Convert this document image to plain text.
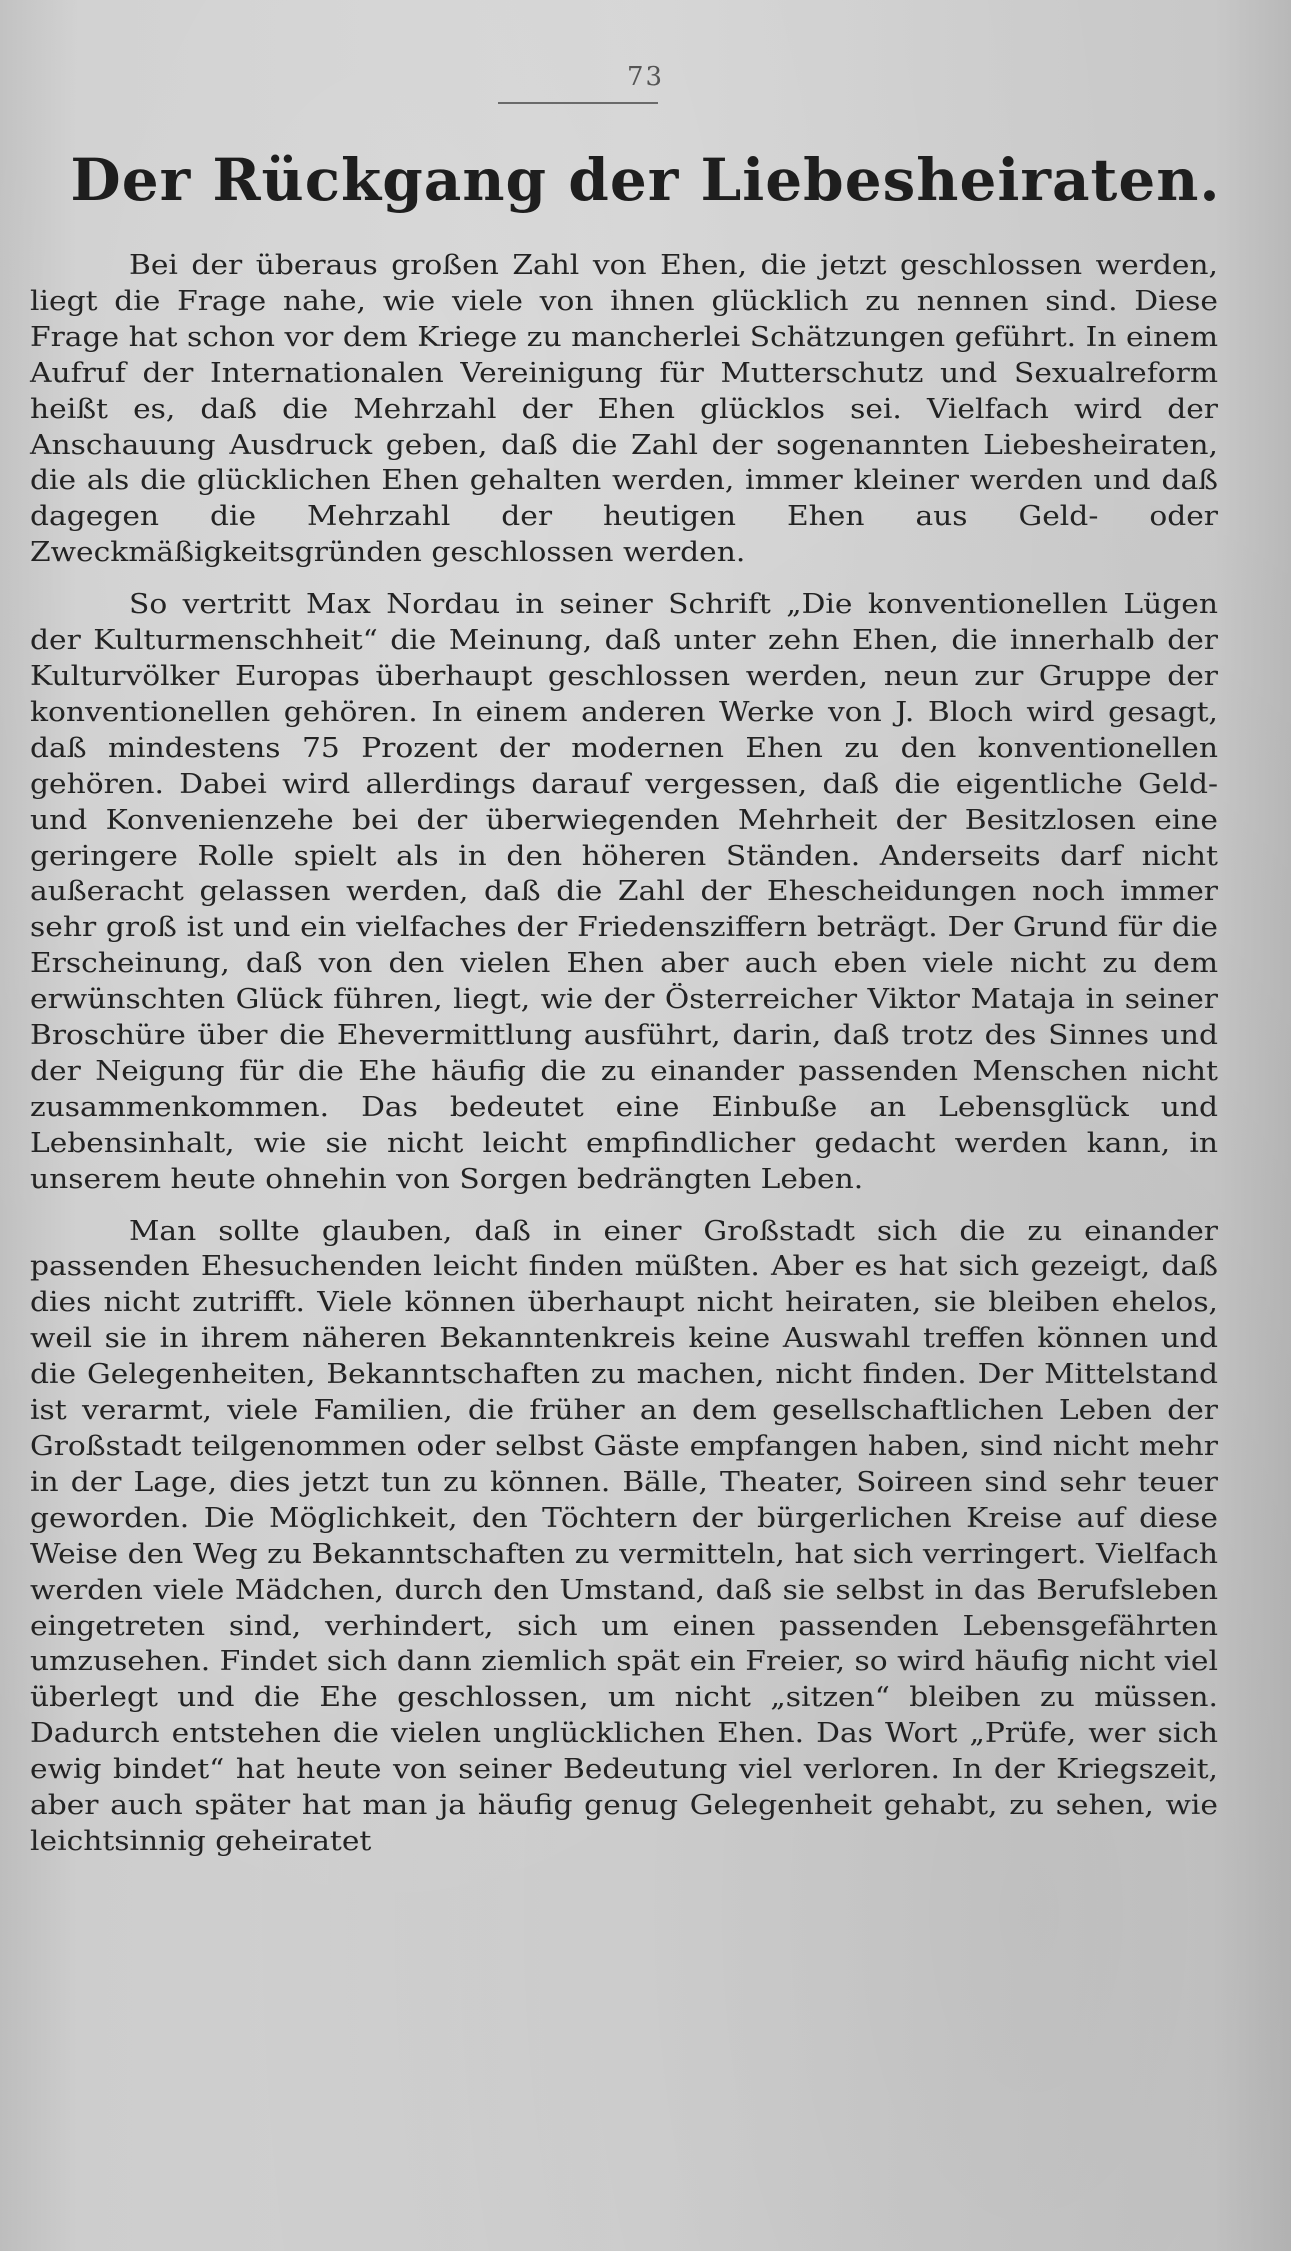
73
Der Rückgang der Liebesheiraten.

Bei der überaus großen Zahl von Ehen, die jetzt geschlossen werden, liegt die Frage nahe, wie viele von ihnen glücklich zu nennen sind. Diese Frage hat schon vor dem Kriege zu mancherlei Schätzungen geführt. In einem Aufruf der Internationalen Vereinigung für Mutterschutz und Sexualreform heißt es, daß die Mehrzahl der Ehen glücklos sei. Vielfach wird der Anschauung Ausdruck geben, daß die Zahl der sogenannten Liebesheiraten, die als die glücklichen Ehen gehalten werden, immer kleiner werden und daß dagegen die Mehrzahl der heutigen Ehen aus Geld- oder Zweckmäßigkeitsgründen geschlossen werden.

So vertritt Max Nordau in seiner Schrift „Die konventionellen Lügen der Kulturmenschheit“ die Meinung, daß unter zehn Ehen, die innerhalb der Kulturvölker Europas überhaupt geschlossen werden, neun zur Gruppe der konventionellen gehören. In einem anderen Werke von J. Bloch wird gesagt, daß mindestens 75 Prozent der modernen Ehen zu den konventionellen gehören. Dabei wird allerdings darauf vergessen, daß die eigentliche Geld- und Konvenienzehe bei der überwiegenden Mehrheit der Besitzlosen eine geringere Rolle spielt als in den höheren Ständen. Anderseits darf nicht außeracht gelassen werden, daß die Zahl der Ehescheidungen noch immer sehr groß ist und ein vielfaches der Friedensziffern beträgt. Der Grund für die Erscheinung, daß von den vielen Ehen aber auch eben viele nicht zu dem erwünschten Glück führen, liegt, wie der Österreicher Viktor Mataja in seiner Broschüre über die Ehevermittlung ausführt, darin, daß trotz des Sinnes und der Neigung für die Ehe häufig die zu einander passenden Menschen nicht zusammenkommen. Das bedeutet eine Einbuße an Lebensglück und Lebensinhalt, wie sie nicht leicht empfindlicher gedacht werden kann, in unserem heute ohnehin von Sorgen bedrängten Leben.

Man sollte glauben, daß in einer Großstadt sich die zu einander passenden Ehesuchenden leicht finden müßten. Aber es hat sich gezeigt, daß dies nicht zutrifft. Viele können überhaupt nicht heiraten, sie bleiben ehelos, weil sie in ihrem näheren Bekanntenkreis keine Auswahl treffen können und die Gelegenheiten, Bekanntschaften zu machen, nicht finden. Der Mittelstand ist verarmt, viele Familien, die früher an dem gesellschaftlichen Leben der Großstadt teilgenommen oder selbst Gäste empfangen haben, sind nicht mehr in der Lage, dies jetzt tun zu können. Bälle, Theater, Soireen sind sehr teuer geworden. Die Möglichkeit, den Töchtern der bürgerlichen Kreise auf diese Weise den Weg zu Bekanntschaften zu vermitteln, hat sich verringert. Vielfach werden viele Mädchen, durch den Umstand, daß sie selbst in das Berufsleben eingetreten sind, verhindert, sich um einen passenden Lebensgefährten umzusehen. Findet sich dann ziemlich spät ein Freier, so wird häufig nicht viel überlegt und die Ehe geschlossen, um nicht „sitzen“ bleiben zu müssen. Dadurch entstehen die vielen unglücklichen Ehen. Das Wort „Prüfe, wer sich ewig bindet“ hat heute von seiner Bedeutung viel verloren. In der Kriegszeit, aber auch später hat man ja häufig genug Gelegenheit gehabt, zu sehen, wie leichtsinnig geheiratet
